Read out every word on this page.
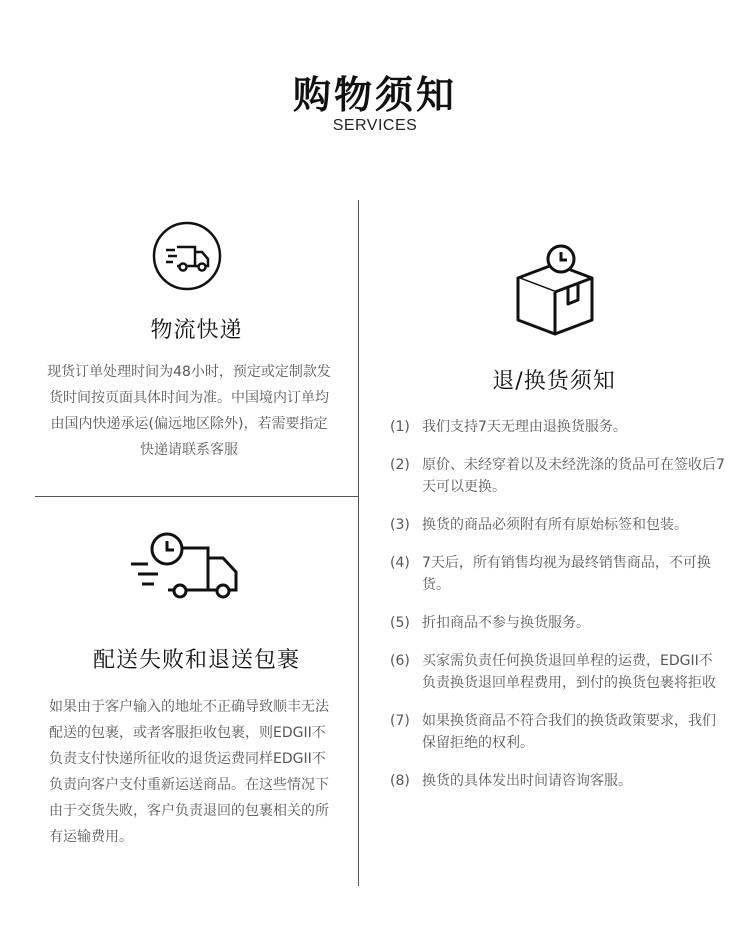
购物须知
SERVICES
物流快递
现货订单处理时间为48小时，预定或定制款发货时间按页面具体时间为准。中国境内订单均由国内快递承运(偏远地区除外)，若需要指定快递请联系客服
配送失败和退送包裹
如果由于客户输入的地址不正确导致顺丰无法配送的包裹，或者客服拒收包裹，则EDGII不负责支付快递所征收的退货运费同样EDGII不负责向客户支付重新运送商品。在这些情况下由于交货失败，客户负责退回的包裹相关的所有运输费用。
退/换货须知
(1) 我们支持7天无理由退换货服务。
(2) 原价、未经穿着以及未经洗涤的货品可在签收后7天可以更换。
(3) 换货的商品必须附有所有原始标签和包装。
(4) 7天后，所有销售均视为最终销售商品，不可换货。
(5) 折扣商品不参与换货服务。
(6) 买家需负责任何换货退回单程的运费，EDGII不负责换货退回单程费用，到付的换货包裹将拒收
(7) 如果换货商品不符合我们的换货政策要求，我们保留拒绝的权利。
(8) 换货的具体发出时间请咨询客服。
